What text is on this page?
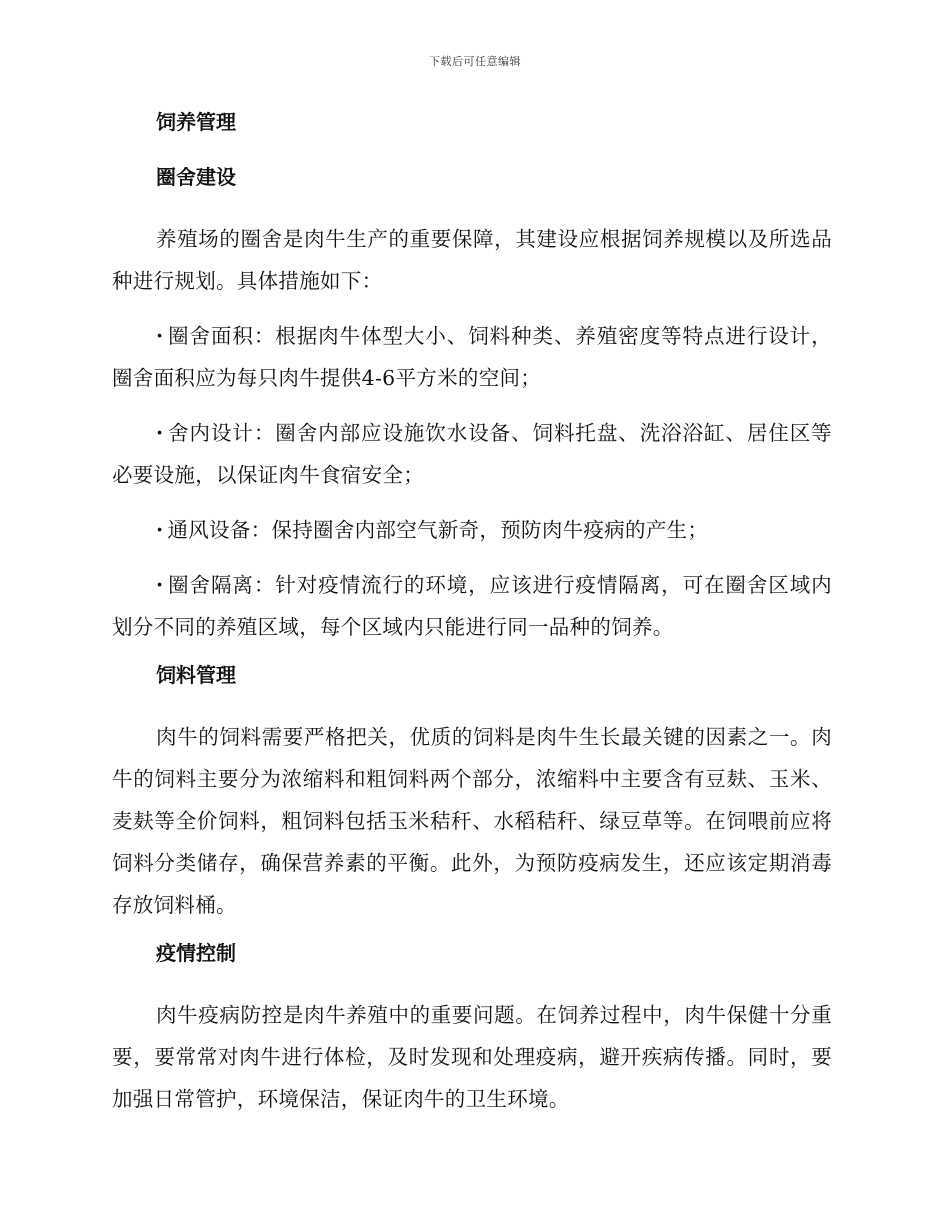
下载后可任意编辑
饲养管理
圈舍建设

养殖场的圈舍是肉牛生产的重要保障，其建设应根据饲养规模以及所选品种进行规划。具体措施如下：

· 圈舍面积：根据肉牛体型大小、饲料种类、养殖密度等特点进行设计，圈舍面积应为每只肉牛提供4-6平方米的空间；

· 舍内设计：圈舍内部应设施饮水设备、饲料托盘、洗浴浴缸、居住区等必要设施，以保证肉牛食宿安全；

· 通风设备：保持圈舍内部空气新奇，预防肉牛疫病的产生；

· 圈舍隔离：针对疫情流行的环境，应该进行疫情隔离，可在圈舍区域内划分不同的养殖区域，每个区域内只能进行同一品种的饲养。

饲料管理

肉牛的饲料需要严格把关，优质的饲料是肉牛生长最关键的因素之一。肉牛的饲料主要分为浓缩料和粗饲料两个部分，浓缩料中主要含有豆麸、玉米、麦麸等全价饲料，粗饲料包括玉米秸秆、水稻秸秆、绿豆草等。在饲喂前应将饲料分类储存，确保营养素的平衡。此外，为预防疫病发生，还应该定期消毒存放饲料桶。

疫情控制

肉牛疫病防控是肉牛养殖中的重要问题。在饲养过程中，肉牛保健十分重要，要常常对肉牛进行体检，及时发现和处理疫病，避开疾病传播。同时，要加强日常管护，环境保洁，保证肉牛的卫生环境。
